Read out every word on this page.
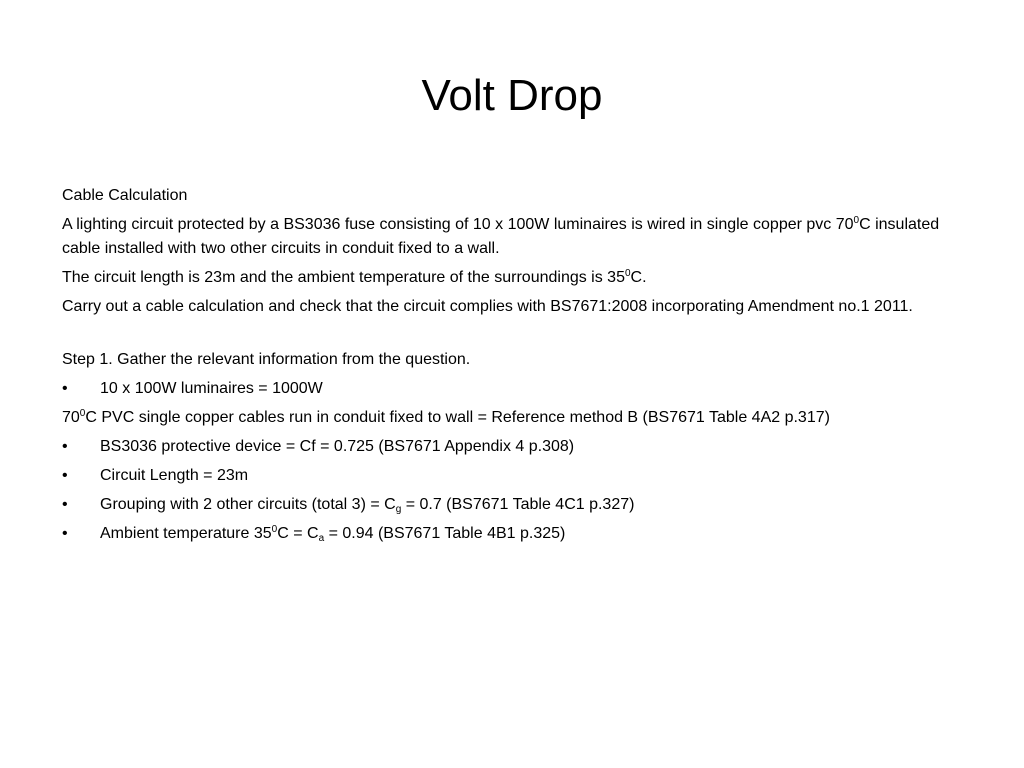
Volt Drop

Cable Calculation

A lighting circuit protected by a BS3036 fuse consisting of 10 x 100W luminaires is wired in single copper pvc $70^0C$ insulated cable installed with two other circuits in conduit fixed to a wall.

The circuit length is 23m and the ambient temperature of the surroundings is $35^0C$.

Carry out a cable calculation and check that the circuit complies with BS7671:2008 incorporating Amendment no.1 2011.

Step 1. Gather the relevant information from the question.

•	10 x 100W luminaires = 1000W

$70^0C$ PVC single copper cables run in conduit fixed to wall = Reference method B (BS7671 Table 4A2 p.317)

•	BS3036 protective device = Cf = 0.725 (BS7671 Appendix 4 p.308)
•	Circuit Length = 23m
•	Grouping with 2 other circuits (total $3) = C_g = 0.7$ (BS7671 Table 4C1 p.327)
•	Ambient temperature $35^0C = C_a = 0.94$ (BS7671 Table 4B1 p.325)
